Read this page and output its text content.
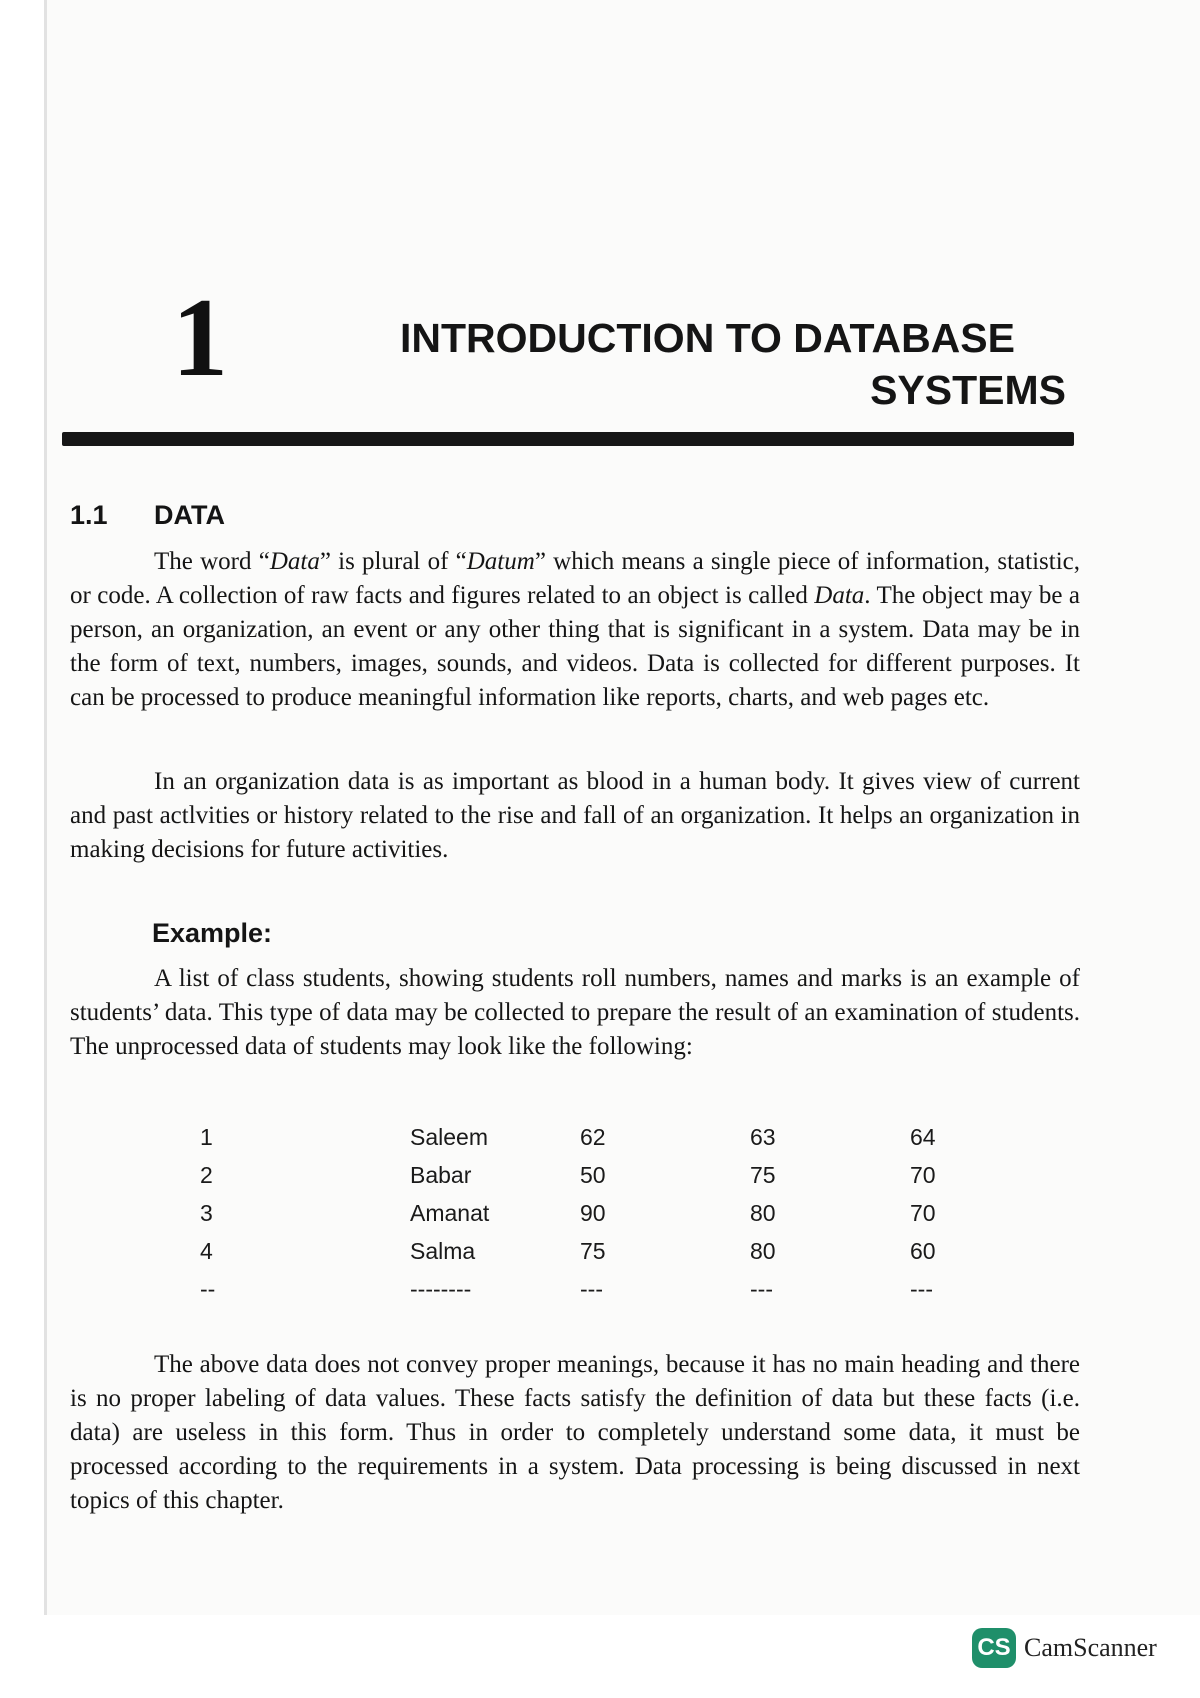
1	INTRODUCTION TO DATABASE
SYSTEMS
1.1 DATA

The word “Data” is plural of “Datum” which means a single piece of information, statistic, or code. A collection of raw facts and figures related to an object is called Data. The object may be a person, an organization, an event or any other thing that is significant in a system. Data may be in the form of text, numbers, images, sounds, and videos. Data is collected for different purposes. It can be processed to produce meaningful information like reports, charts, and web pages etc.

In an organization data is as important as blood in a human body. It gives view of current and past actlvities or history related to the rise and fall of an organization. It helps an organization in making decisions for future activities.

Example:

A list of class students, showing students roll numbers, names and marks is an example of students’ data. This type of data may be collected to prepare the result of an examination of students. The unprocessed data of students may look like the following:

1	Saleem	62	63	64
2	Babar	50	75	70
3	Amanat	90	80	70
4	Salma	75	80	60
--	--------	---	---	---

The above data does not convey proper meanings, because it has no main heading and there is no proper labeling of data values. These facts satisfy the definition of data but these facts (i.e. data) are useless in this form. Thus in order to completely understand some data, it must be processed according to the requirements in a system. Data processing is being discussed in next topics of this chapter.

CS CamScanner
